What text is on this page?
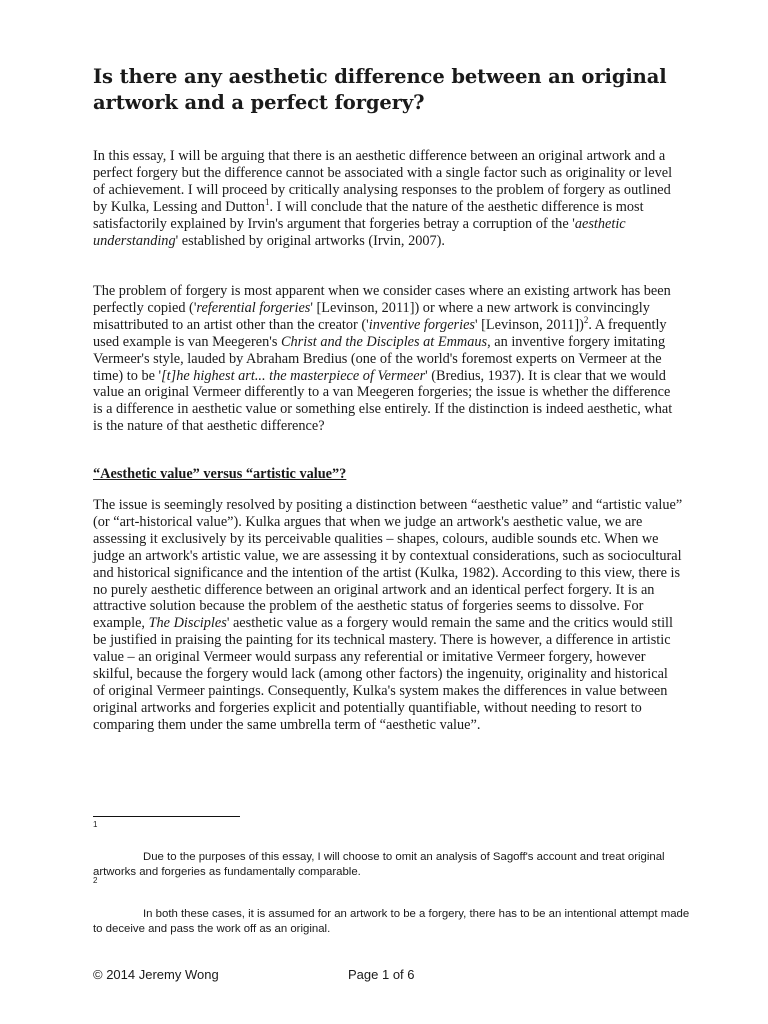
Is there any aesthetic difference between an original artwork and a perfect forgery?

In this essay, I will be arguing that there is an aesthetic difference between an original artwork and a perfect forgery but the difference cannot be associated with a single factor such as originality or level of achievement. I will proceed by critically analysing responses to the problem of forgery as outlined by Kulka, Lessing and Dutton$^1$. I will conclude that the nature of the aesthetic difference is most satisfactorily explained by Irvin's argument that forgeries betray a corruption of the 'aesthetic understanding' established by original artworks (Irvin, 2007).

The problem of forgery is most apparent when we consider cases where an existing artwork has been perfectly copied ('referential forgeries' [Levinson, 2011]) or where a new artwork is convincingly misattributed to an artist other than the creator ('inventive forgeries' [Levinson, 2011])$^2$. A frequently used example is van Meegeren's Christ and the Disciples at Emmaus, an inventive forgery imitating Vermeer's style, lauded by Abraham Bredius (one of the world's foremost experts on Vermeer at the time) to be '[t]he highest art... the masterpiece of Vermeer' (Bredius, 1937). It is clear that we would value an original Vermeer differently to a van Meegeren forgeries; the issue is whether the difference is a difference in aesthetic value or something else entirely. If the distinction is indeed aesthetic, what is the nature of that aesthetic difference?

“Aesthetic value” versus “artistic value”?

The issue is seemingly resolved by positing a distinction between “aesthetic value” and “artistic value” (or “art-historical value”). Kulka argues that when we judge an artwork's aesthetic value, we are assessing it exclusively by its perceivable qualities – shapes, colours, audible sounds etc. When we judge an artwork's artistic value, we are assessing it by contextual considerations, such as sociocultural and historical significance and the intention of the artist (Kulka, 1982). According to this view, there is no purely aesthetic difference between an original artwork and an identical perfect forgery. It is an attractive solution because the problem of the aesthetic status of forgeries seems to dissolve. For example, The Disciples' aesthetic value as a forgery would remain the same and the critics would still be justified in praising the painting for its technical mastery. There is however, a difference in artistic value – an original Vermeer would surpass any referential or imitative Vermeer forgery, however skilful, because the forgery would lack (among other factors) the ingenuity, originality and historical of original Vermeer paintings. Consequently, Kulka's system makes the differences in value between original artworks and forgeries explicit and potentially quantifiable, without needing to resort to comparing them under the same umbrella term of “aesthetic value”.

1

Due to the purposes of this essay, I will choose to omit an analysis of Sagoff's account and treat original artworks and forgeries as fundamentally comparable.

2

In both these cases, it is assumed for an artwork to be a forgery, there has to be an intentional attempt made to deceive and pass the work off as an original.

© 2014 Jeremy Wong	Page 1 of 6
